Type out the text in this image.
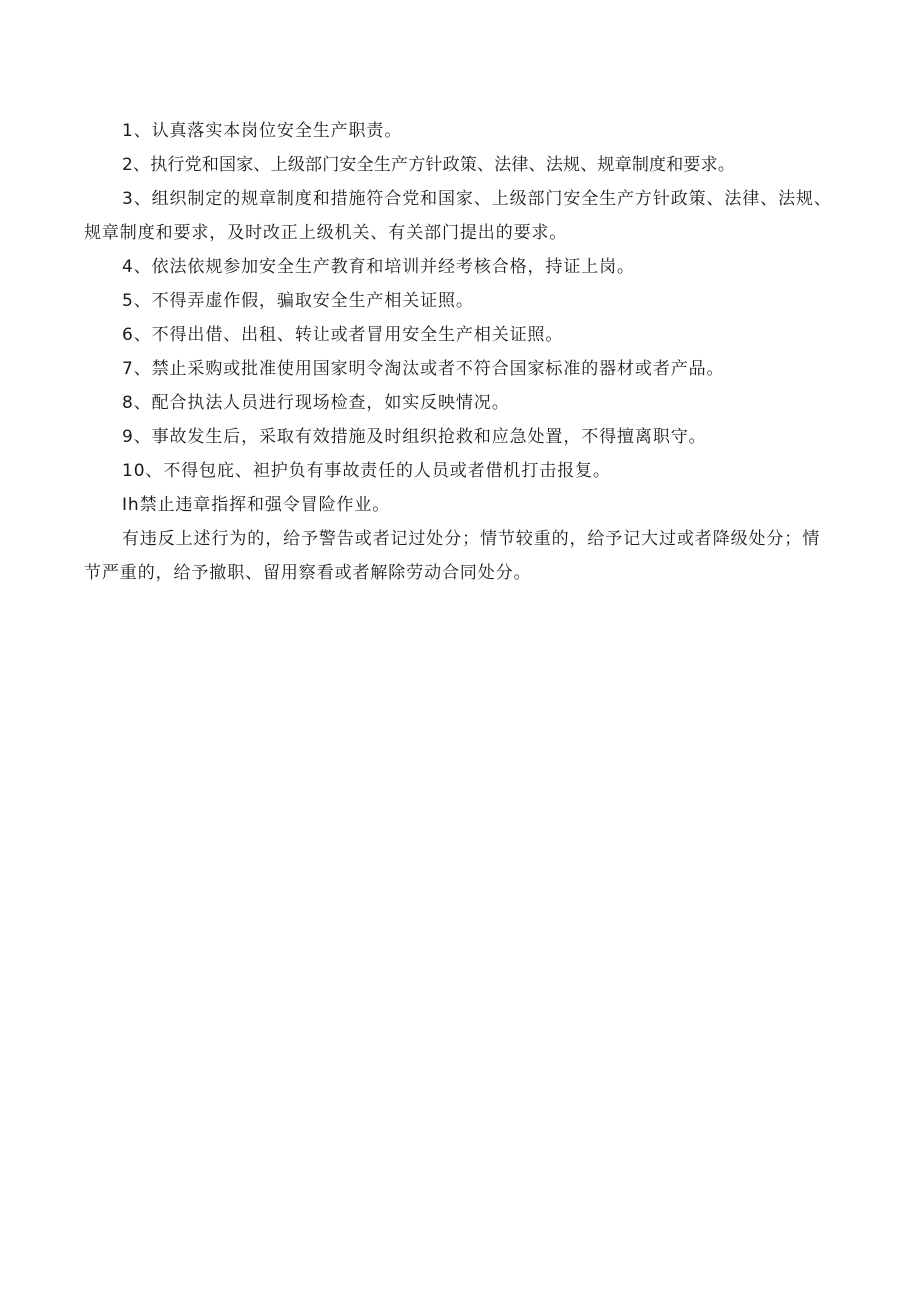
1、认真落实本岗位安全生产职责。

2、执行党和国家、上级部门安全生产方针政策、法律、法规、规章制度和要求。

3、组织制定的规章制度和措施符合党和国家、上级部门安全生产方针政策、法律、法规、规章制度和要求，及时改正上级机关、有关部门提出的要求。

4、依法依规参加安全生产教育和培训并经考核合格，持证上岗。

5、不得弄虚作假，骗取安全生产相关证照。

6、不得出借、出租、转让或者冒用安全生产相关证照。

7、禁止采购或批准使用国家明令淘汰或者不符合国家标准的器材或者产品。

8、配合执法人员进行现场检查，如实反映情况。

9、事故发生后，采取有效措施及时组织抢救和应急处置，不得擅离职守。

10、不得包庇、袒护负有事故责任的人员或者借机打击报复。

Ih禁止违章指挥和强令冒险作业。

有违反上述行为的，给予警告或者记过处分；情节较重的，给予记大过或者降级处分；情节严重的，给予撤职、留用察看或者解除劳动合同处分。
